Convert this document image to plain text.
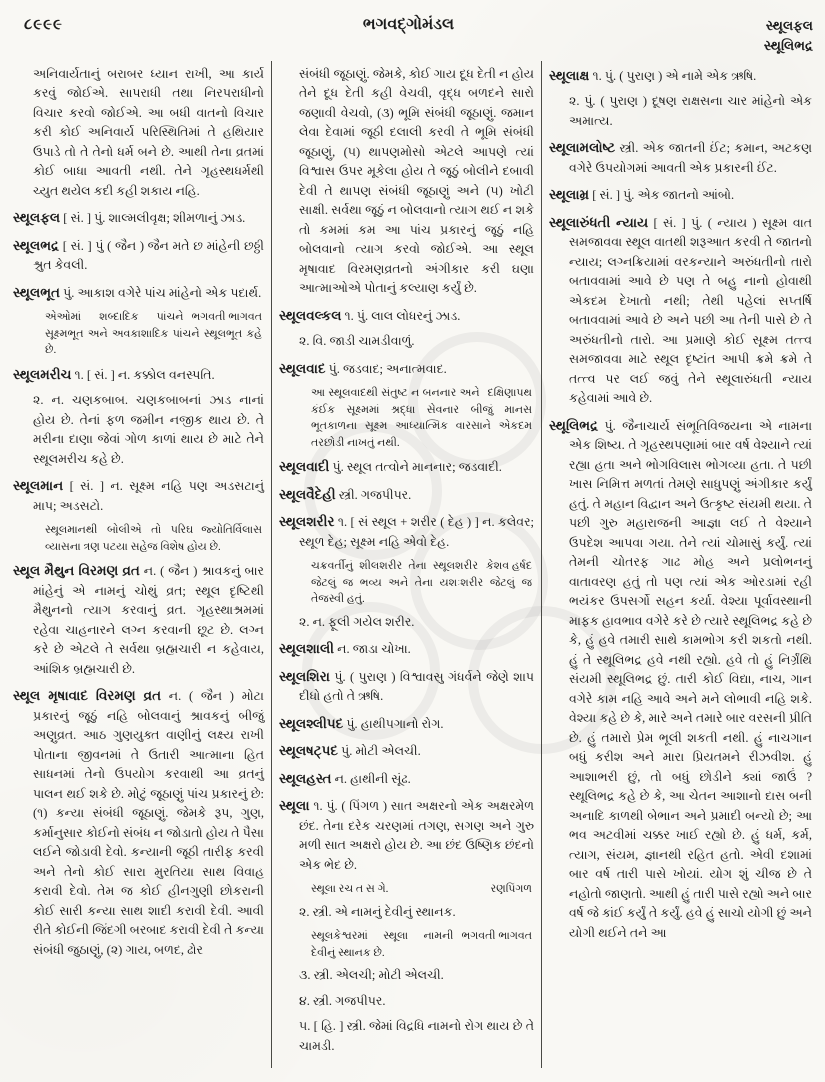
૮૯૯૯	ભગવદ્ગોમંડલ	સ્થૂલફલ
સ્થૂલિભદ્ર

અનિવાર્યતાનું બરાબર ધ્યાન રાખી, આ કાર્ય કરવું જોઈએ. સાપરાધી તથા નિરપરાધીનો વિચાર કરવો જોઈએ. આ બધી વાતનો વિચાર કરી કોઈ અનિવાર્ય પરિસ્થિતિમાં તે હથિયાર ઉપાડે તો તે તેનો ધર્મ બને છે. આથી તેના વ્રતમાં કોઈ બાધા આવતી નથી. તેને ગૃહસ્થધર્મથી ચ્યુત થયેલ કદી કહી શકાય નહિ.

સ્થૂલફલ [ સં. ] પું. શાલ્મલીવૃક્ષ; શીમળાનું ઝાડ.

સ્થૂલભદ્ર [ સં. ] પું ( જૈન ) જૈન મતે છ માંહેની છઠ્ઠી શ્રુત કેવલી.

સ્થૂલભૂત પું. આકાશ વગેરે પાંચ માંહેનો એક પદાર્થ.

ભગવતી ભાગવત
એઓમાં શબ્દાદિક પાંચને સૂક્ષ્મભૂત અને અવકાશાદિક પાંચને સ્થૂલભૂત કહે છે.

સ્થૂલમરીચ ૧. [ સં. ] ન. કક્કોલ વનસ્પતિ.

૨. ન. ચણકબાબ. ચણકબાબનાં ઝાડ નાનાં હોય છે. તેનાં ફળ જમીન નજીક થાય છે. તે મરીના દાણા જેવાં ગોળ કાળાં થાય છે માટે તેને સ્થૂલમરીચ કહે છે.

સ્થૂલમાન [ સં. ] ન. સૂક્ષ્મ નહિ પણ અડસટાનું માપ; અડસટો.

જ્યોતિર્વિલાસ
સ્થૂલમાનથી બોલીએ તો પરિઘ વ્યાસના ત્રણ પટયા સહેજ વિશેષ હોય છે.

સ્થૂલ મૈથુન વિરમણ વ્રત ન. ( જૈન ) શ્રાવકનું બાર માંહેનું એ નામનું ચોથું વ્રત; સ્થૂલ દૃષ્ટિથી મૈથુનનો ત્યાગ કરવાનું વ્રત. ગૃહસ્થાશ્રમમાં રહેવા ચાહનારને લગ્ન કરવાની છૂટ છે. લગ્ન કરે છે એટલે તે સર્વથા બ્રહ્મચારી ન કહેવાય, આંશિક બ્રહ્મચારી છે.

સ્થૂલ મૃષાવાદ વિરમણ વ્રત ન. ( જૈન ) મોટા પ્રકારનું જૂઠું નહિ બોલવાનું શ્રાવકનું બીજું અણુવ્રત. આઠ ગુણયુક્ત વાણીનું લક્ષ્ય રાખી પોતાના જીવનમાં તે ઉતારી આત્માના હિત સાધનમાં તેનો ઉપયોગ કરવાથી આ વ્રતનું પાલન થઈ શકે છે. મોટું જૂઠાણું પાંચ પ્રકારનું છે: (૧) કન્યા સંબંધી જૂઠાણું. જેમકે રૂપ, ગુણ, કર્માનુસાર કોઈનો સંબંધ ન જોડાતો હોય તે પૈસા લઈને જોડાવી દેવો. કન્યાની જૂઠી તારીફ કરવી અને તેનો કોઈ સારા મુરતિયા સાથ વિવાહ કરાવી દેવો. તેમ જ કોઈ હીનગુણી છોકરાની કોઈ સારી કન્યા સાથ શાદી કરાવી દેવી. આવી રીતે કોઈની જિંદગી બરબાદ કરાવી દેવી તે કન્યા સંબંધી જુઠાણું, (૨) ગાય, બળદ, ઢોર

સંબંધી જૂઠાણું. જેમકે, કોઈ ગાય દૂધ દેતી ન હોય તેને દૂધ દેતી કહી વેચવી, વૃદ્ધ બળદને સારો જણાવી વેચવો, (૩) ભૂમિ સંબંધી જૂઠાણું. જમાન લેવા દેવામાં જૂઠી દલાલી કરવી તે ભૂમિ સંબંધી જૂઠાણું, (૫) થાપણમોસો એટલે આપણે ત્યાં વિશ્વાસ ઉપર મૂકેલા હોય તે જૂઠું બોલીને દબાવી દેવી તે થાપણ સંબંધી જૂઠાણું અને (૫) ખોટી સાક્ષી. સર્વથા જૂઠું ન બોલવાનો ત્યાગ થઈ ન શકે તો કમમાં કમ આ પાંચ પ્રકારનું જૂઠું નહિ બોલવાનો ત્યાગ કરવો જોઈએ. આ સ્થૂલ મૃષાવાદ વિરમણવ્રતનો અંગીકાર કરી ઘણા આત્માઓએ પોતાનું કલ્યાણ કર્યું છે.

સ્થૂલવલ્કલ ૧. પું. લાલ લોધરનું ઝાડ.

૨. વિ. જાડી ચામડીવાળું.

સ્થૂલવાદ પું. જડવાદ; અનાત્મવાદ.

દક્ષિણાપથ
આ સ્થૂલવાદથી સંતુષ્ટ ન બનનાર અને કંઈક સૂક્ષ્મમાં શ્રદ્ધા સેવનાર બીજું માનસ ભૂતકાળના સૂક્ષ્મ આધ્યાત્મિક વારસાને એકદમ તરછોડી નાખતું નથી.

સ્થૂલવાદી પું. સ્થૂલ તત્વોને માનનાર; જડવાદી.

સ્થૂલવૈદેહી સ્ત્રી. ગજપીપર.

સ્થૂલશરીર ૧. [ સં સ્થૂલ + શરીર ( દેહ ) ] ન. કલેવર; સ્થૂળ દેહ; સૂક્ષ્મ નહિ એવો દેહ.

કેશવ હર્ષદ
ચક્રવર્તીનું શીલશરીર તેના સ્થૂલશરીર જેટલું જ ભવ્ય અને તેના યશઃશરીર જેટલું જ તેજસ્વી હતું.

૨. ન. ફૂલી ગયેલ શરીર.

સ્થૂલશાલી ન. જાડા ચોખા.

સ્થૂલશિરા પું. ( પુરાણ ) વિશ્વાવસુ ગંધર્વને જેણે શાપ દીધો હતો તે ઋષિ.

સ્થૂલશ્લીપદ પું. હાથીપગાનો રોગ.

સ્થૂલષટ્પદ પું. મોટી એલચી.

સ્થૂલહસ્ત ન. હાથીની સૂંઢ.

સ્થૂલા ૧. પું. ( પિંગળ ) સાત અક્ષરનો એક અક્ષરમેળ છંદ. તેના દરેક ચરણમાં તગણ, સગણ અને ગુરુ મળી સાત અક્ષરો હોય છે. આ છંદ ઉષ્ણિક છંદનો એક ભેદ છે.

રણપિંગળ
સ્થૂલા રચ ત સ ગે.

૨. સ્ત્રી. એ નામનું દેવીનું સ્થાનક.

ભગવતી ભાગવત
સ્થૂલકેશ્વરમાં સ્થૂલા નામની દેવીનું સ્થાનક છે.

૩. સ્ત્રી. એલચી; મોટી એલચી.

૪. સ્ત્રી. ગજપીપર.

૫. [ હિ. ] સ્ત્રી. જેમાં વિદ્રધિ નામનો રોગ થાય છે તે ચામડી.

સ્થૂલાક્ષ ૧. પું. ( પુરાણ ) એ નામે એક ઋષિ.

૨. પું. ( પુરાણ ) દૂષણ રાક્ષસના ચાર માંહેનો એક અમાત્ય.

સ્થૂલામલોષ્ટ સ્ત્રી. એક જાતની ઈંટ; કમાન, અટકણ વગેરે ઉપયોગમાં આવતી એક પ્રકારની ઈંટ.

સ્થૂલામ્ર [ સં. ] પું. એક જાતનો આંબો.

સ્થૂલારુંધતી ન્યાય [ સં. ] પું. ( ન્યાય ) સૂક્ષ્મ વાત સમજાવવા સ્થૂલ વાતથી શરૂઆત કરવી તે જાતનો ન્યાય; લગ્નક્રિયામાં વરકન્યાને અરુંધતીનો તારો બતાવવામાં આવે છે પણ તે બહુ નાનો હોવાથી એકદમ દેખાતો નથી; તેથી પહેલાં સપ્તર્ષિ બતાવવામાં આવે છે અને પછી આ તેની પાસે છે તે અરુંધતીનો તારો. આ પ્રમાણે કોઈ સૂક્ષ્મ તત્ત્વ સમજાવવા માટે સ્થૂલ દૃષ્ટાંત આપી ક્રમે ક્રમે તે તત્ત્વ પર લઈ જવું તેને સ્થૂલારુંધતી ન્યાય કહેવામાં આવે છે.

સ્થૂલિભદ્ર પું. જૈનાચાર્ય સંભૂતિવિજયના એ નામના એક શિષ્ય. તે ગૃહસ્થપણામાં બાર વર્ષ વેશ્યાને ત્યાં રહ્યા હતા અને ભોગવિલાસ ભોગવ્યા હતા. તે પછી ખાસ નિમિત્ત મળતાં તેમણે સાધુપણું અંગીકાર કર્યું હતું. તે મહાન વિદ્વાન અને ઉત્કૃષ્ટ સંયમી થયા. તે પછી ગુરુ મહારાજની આજ્ઞા લઈ તે વેશ્યાને ઉપદેશ આપવા ગયા. તેને ત્યાં ચોમાસું કર્યું. ત્યાં તેમની ચોતરફ ગાઢ મોહ અને પ્રલોભનનું વાતાવરણ હતું તો પણ ત્યાં એક ઓરડામાં રહી ભયંકર ઉપસર્ગો સહન કર્યા. વેશ્યા પૂર્વાવસ્થાની માફક હાવભાવ વગેરે કરે છે ત્યારે સ્થૂલિભદ્ર કહે છે કે, હું હવે તમારી સાથે કામભોગ કરી શકતો નથી. હું તે સ્થૂલિભદ્ર હવે નથી રહ્યો. હવે તો હું નિર્ગ્રંથિ સંયમી સ્થૂલિભદ્ર છું. તારી કોઈ વિદ્યા, નાચ, ગાન વગેરે કામ નહિ આવે અને મને લોભાવી નહિ શકે. વેશ્યા કહે છે કે, મારે અને તમારે બાર વરસની પ્રીતિ છે. હું તમારો પ્રેમ ભૂલી શકતી નથી. હું નાચગાન બધું કરીશ અને મારા પ્રિયતમને રીઝવીશ. હું આશાભરી છું, તો બધું છોડીને ક્યાં જાઉં ? સ્થૂલિભદ્ર કહે છે કે, આ ચેતન આશાનો દાસ બની અનાદિ કાળથી બેભાન અને પ્રમાદી બન્યો છે; આ ભવ અટવીમાં ચક્કર ખાઈ રહ્યો છે. હું ધર્મ, કર્મ, ત્યાગ, સંયમ, જ્ઞાનથી રહિત હતો. એવી દશામાં બાર વર્ષ તારી પાસે ખોયાં. યોગ શું ચીજ છે તે નહોતો જાણતો. આથી હું તારી પાસે રહ્યો અને બાર વર્ષ જે કાંઈ કર્યું તે કર્યું. હવે હું સાચો યોગી છું અને યોગી થઈને તને આ
